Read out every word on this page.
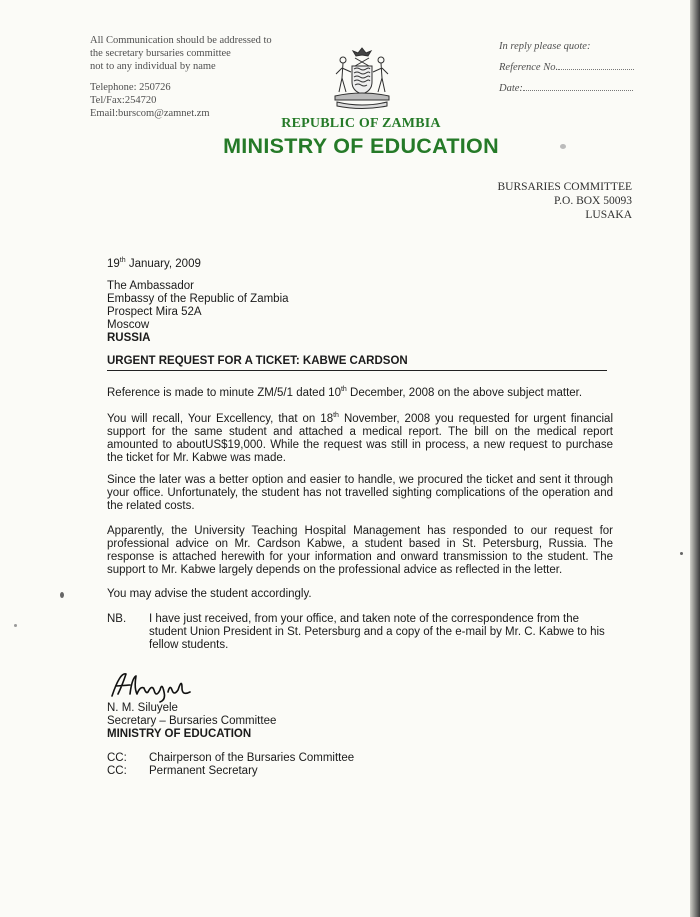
All Communication should be addressed to
the secretary bursaries committee
not to any individual by name
Telephone: 250726
Tel/Fax:254720
Email:burscom@zamnet.zm
In reply please quote:
Reference No.
Date:
REPUBLIC OF ZAMBIA
MINISTRY OF EDUCATION
BURSARIES COMMITTEE
P.O. BOX 50093
LUSAKA
19th January, 2009
The Ambassador
Embassy of the Republic of Zambia
Prospect Mira 52A
Moscow
RUSSIA
URGENT REQUEST FOR A TICKET: KABWE CARDSON
Reference is made to minute ZM/5/1 dated 10th December, 2008 on the above subject matter.
You will recall, Your Excellency, that on 18th November, 2008 you requested for urgent financial support for the same student and attached a medical report. The bill on the medical report amounted to aboutUS$19,000. While the request was still in process, a new request to purchase the ticket for Mr. Kabwe was made.
Since the later was a better option and easier to handle, we procured the ticket and sent it through your office. Unfortunately, the student has not travelled sighting complications of the operation and the related costs.
Apparently, the University Teaching Hospital Management has responded to our request for professional advice on Mr. Cardson Kabwe, a student based in St. Petersburg, Russia. The response is attached herewith for your information and onward transmission to the student. The support to Mr. Kabwe largely depends on the professional advice as reflected in the letter.
You may advise the student accordingly.
NB. I have just received, from your office, and taken note of the correspondence from the student Union President in St. Petersburg and a copy of the e-mail by Mr. C. Kabwe to his fellow students.
N. M. Siluyele
Secretary – Bursaries Committee
MINISTRY OF EDUCATION
CC:	Chairperson of the Bursaries Committee
CC:	Permanent Secretary
